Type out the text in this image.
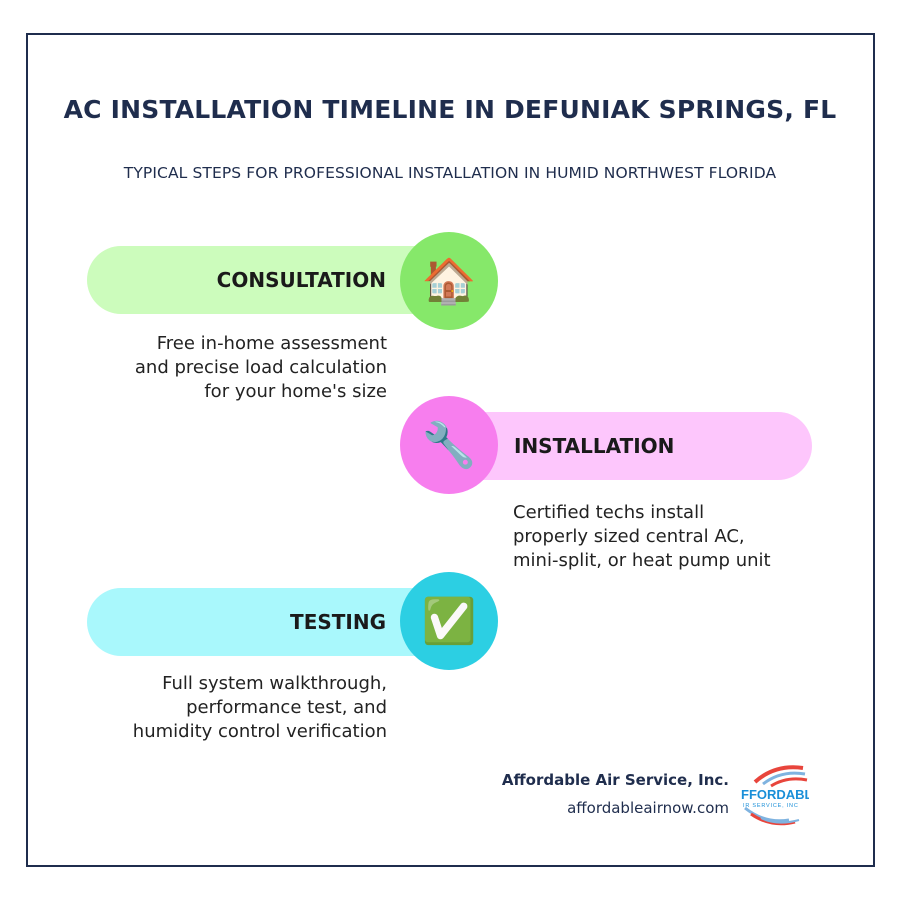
AC INSTALLATION TIMELINE IN DEFUNIAK SPRINGS, FL
TYPICAL STEPS FOR PROFESSIONAL INSTALLATION IN HUMID NORTHWEST FLORIDA
CONSULTATION 🏠
Free in-home assessment
and precise load calculation
for your home's size
INSTALLATION
🔧
Certified techs install
properly sized central AC,
mini-split, or heat pump unit
TESTING ✅
Full system walkthrough,
performance test, and
humidity control verification
Affordable Air Service, Inc.
affordableairnow.com
FFORDABL
IR SERVICE, INC
